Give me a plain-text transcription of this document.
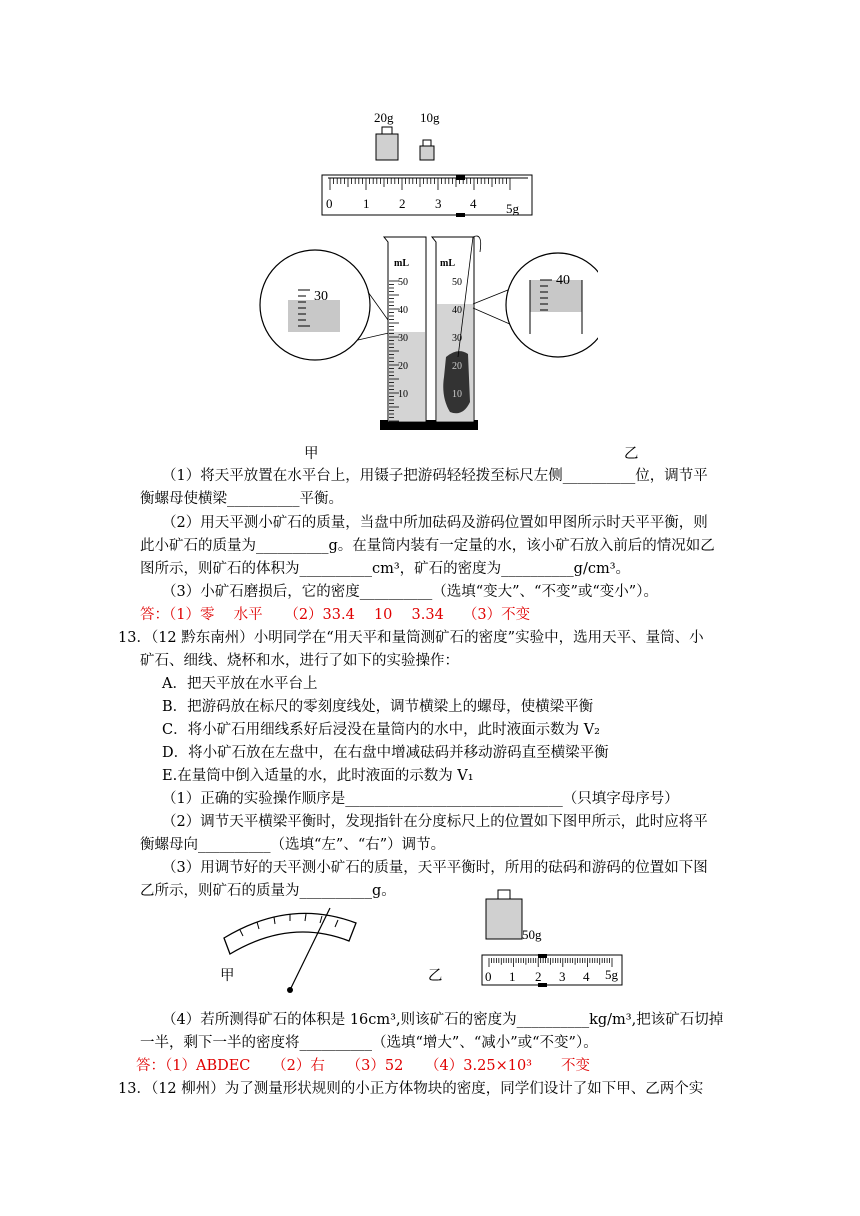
20g 10g
0 1 2 3 4 5g
30
mL
50
40
30
20
10
mL
50
40
30
20
10
40
甲	乙
（1）将天平放置在水平台上，用镊子把游码轻轻拨至标尺左侧__________位，调节平
衡螺母使横梁__________平衡。
（2）用天平测小矿石的质量，当盘中所加砝码及游码位置如甲图所示时天平平衡，则
此小矿石的质量为__________g。在量筒内装有一定量的水，该小矿石放入前后的情况如乙
图所示，则矿石的体积为__________cm³，矿石的密度为__________g/cm³。
（3）小矿石磨损后，它的密度__________（选填“变大”、“不变”或“变小”）。
答：（1）零　 水平　　（2）33.4　 10　 3.34　 （3）不变
13．（12 黔东南州）小明同学在“用天平和量筒测矿石的密度”实验中，选用天平、量筒、小
矿石、细线、烧杯和水，进行了如下的实验操作：
A．把天平放在水平台上
B．把游码放在标尺的零刻度线处，调节横梁上的螺母，使横梁平衡
C．将小矿石用细线系好后浸没在量筒内的水中，此时液面示数为 V₂
D．将小矿石放在左盘中，在右盘中增减砝码并移动游码直至横梁平衡
E.在量筒中倒入适量的水，此时液面的示数为 V₁
（1）正确的实验操作顺序是______________________________（只填字母序号）
（2）调节天平横梁平衡时，发现指针在分度标尺上的位置如下图甲所示，此时应将平
衡螺母向__________（选填“左”、“右”）调节。
（3）用调节好的天平测小矿石的质量，天平平衡时，所用的砝码和游码的位置如下图
乙所示，则矿石的质量为__________g。
甲	乙
50g
0 1 2 3 4 5g
（4）若所测得矿石的体积是 16cm³,则该矿石的密度为__________kg/m³,把该矿石切掉
一半，剩下一半的密度将__________（选填“增大”、“减小”或“不变”）。
答：（1）ABDEC　　（2）右　　（3）52　　（4）3.25×10³　　不变
13．（12 柳州）为了测量形状规则的小正方体物块的密度，同学们设计了如下甲、乙两个实
